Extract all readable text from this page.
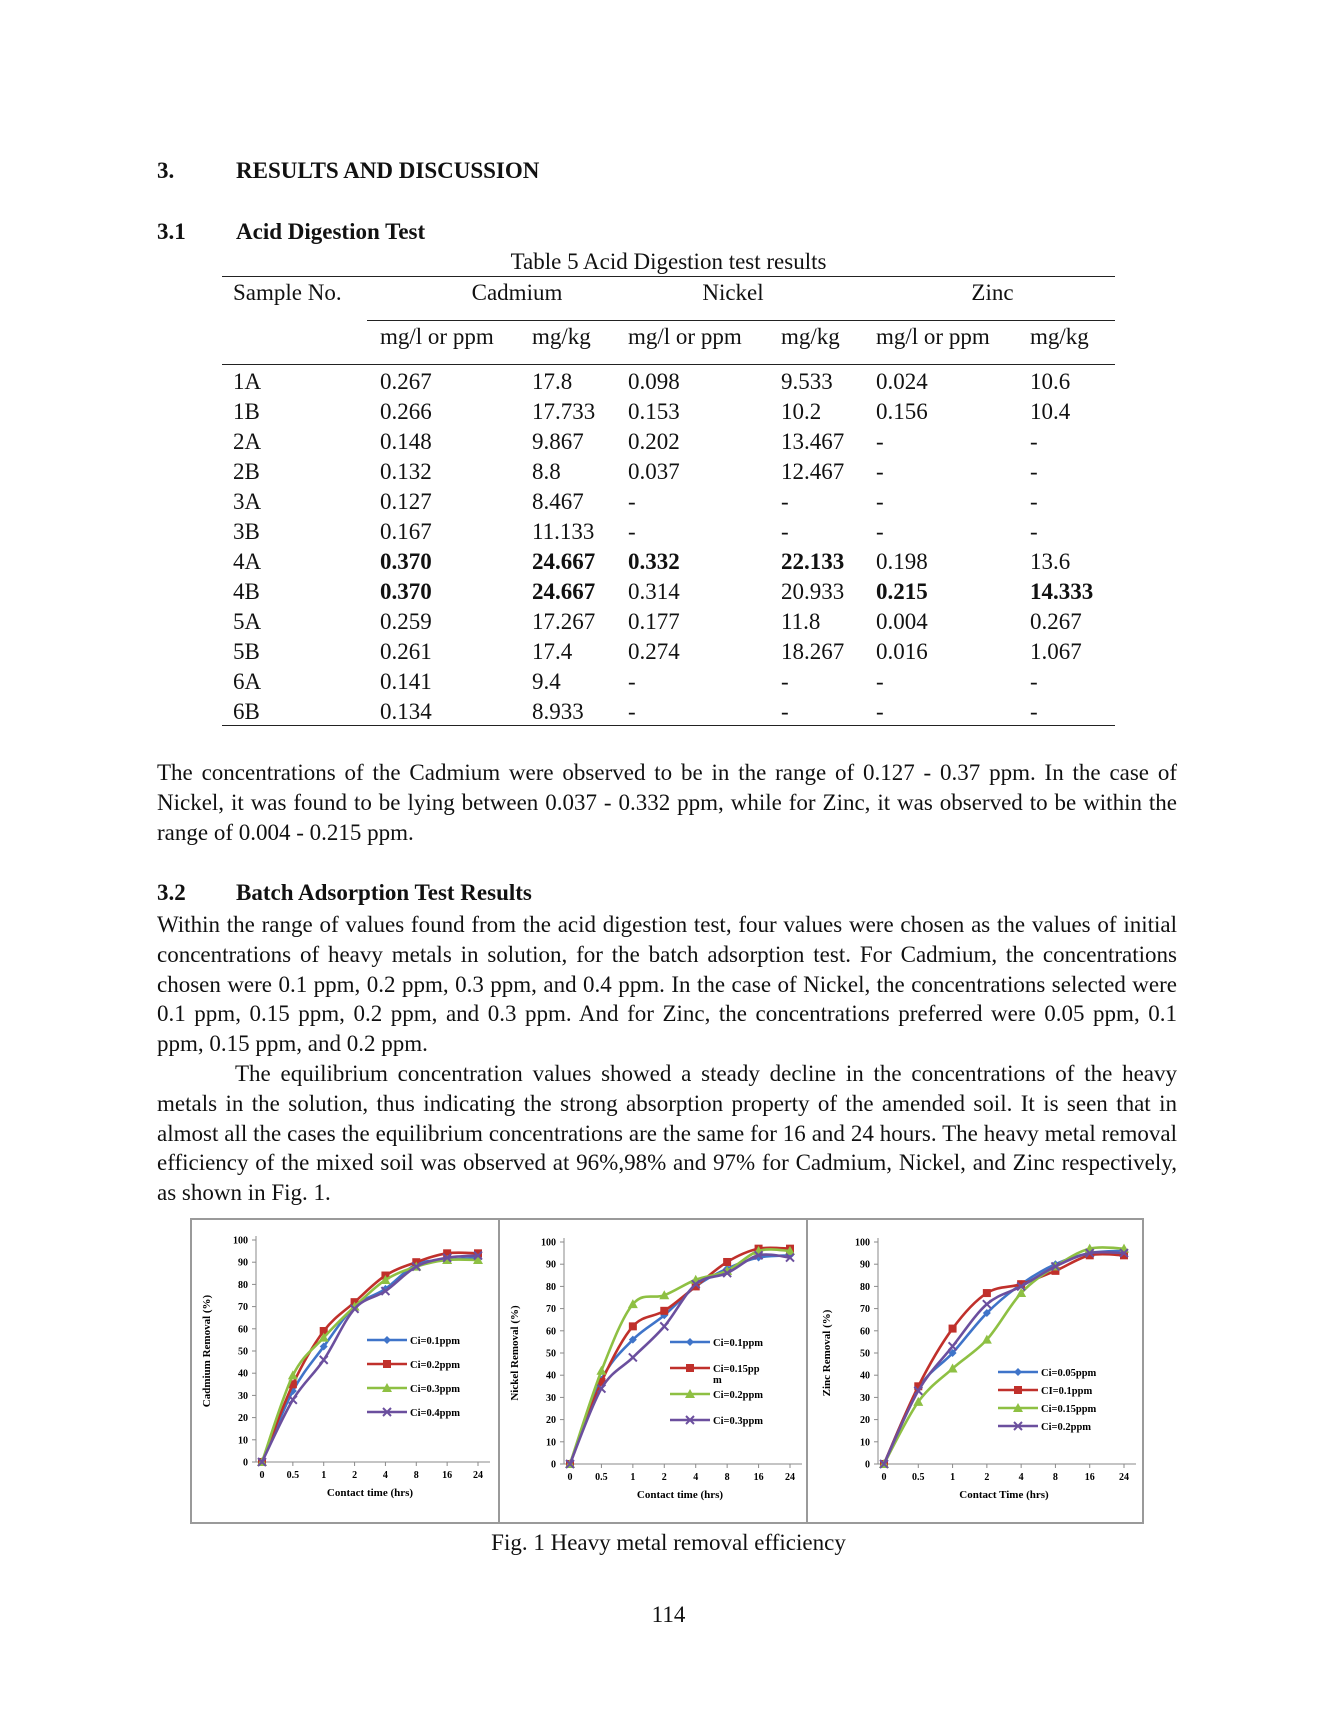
3.	RESULTS AND DISCUSSION
3.1 Acid Digestion Test
Table 5 Acid Digestion test results
Sample No.	Cadmium	Nickel	Zinc
mg/l or ppm mg/kg mg/l or ppm mg/kg mg/l or ppm mg/kg
1A	0.267	17.8 0.098	9.533 0.024	10.6
1B	0.266	17.733 0.153	10.2 0.156	10.4
2A	0.148	9.867 0.202	13.467 -	-
2B	0.132	8.8	0.037	12.467 -	-
3A	0.127	8.467 -	-	-	-
3B	0.167	11.133 -	-	-	-
4A	0.370	24.667 0.332	22.133 0.198	13.6
4B	0.370	24.667 0.314	20.933 0.215	14.333
5A	0.259	17.267 0.177	11.8 0.004	0.267
5B	0.261	17.4 0.274	18.267 0.016	1.067
6A	0.141	9.4	-	-	-	-
6B	0.134	8.933 -	-	-	-

The concentrations of the Cadmium were observed to be in the range of 0.127 - 0.37 ppm. In the case of Nickel, it was found to be lying between 0.037 - 0.332 ppm, while for Zinc, it was observed to be within the range of 0.004 - 0.215 ppm.

3.2 Batch Adsorption Test Results

Within the range of values found from the acid digestion test, four values were chosen as the values of initial concentrations of heavy metals in solution, for the batch adsorption test. For Cadmium, the concentrations chosen were 0.1 ppm, 0.2 ppm, 0.3 ppm, and 0.4 ppm. In the case of Nickel, the concentrations selected were 0.1 ppm, 0.15 ppm, 0.2 ppm, and 0.3 ppm. And for Zinc, the concentrations preferred were 0.05 ppm, 0.1 ppm, 0.15 ppm, and 0.2 ppm.

The equilibrium concentration values showed a steady decline in the concentrations of the heavy metals in the solution, thus indicating the strong absorption property of the amended soil. It is seen that in almost all the cases the equilibrium concentrations are the same for 16 and 24 hours. The heavy metal removal efficiency of the mixed soil was observed at 96%,98% and 97% for Cadmium, Nickel, and Zinc respectively, as shown in Fig. 1.

0
10
20
30
40
50
60
70
80
90
100
0 0.5 1	2	4	8 16 24
Contact time (hrs)
Cadmium Removal (%)	Ci=0.1ppm
Ci=0.2ppm
Ci=0.3ppm
Ci=0.4ppm
0
10
20
30
40
50
60
70
80
90
100
0 0.5 1	2	4	8 16 24
Contact time (hrs)
Nickel Removal (%)	Ci=0.1ppm
Ci=0.15pp
m
Ci=0.2ppm
Ci=0.3ppm
0
10
20
30
40
50
60
70
80
90
100
0	0.5	1	2	4	8	16 24
Contact Time (hrs)
Zinc Removal (%)	Ci=0.05ppm
CI=0.1ppm
Ci=0.15ppm
Ci=0.2ppm
Fig. 1 Heavy metal removal efficiency
114
